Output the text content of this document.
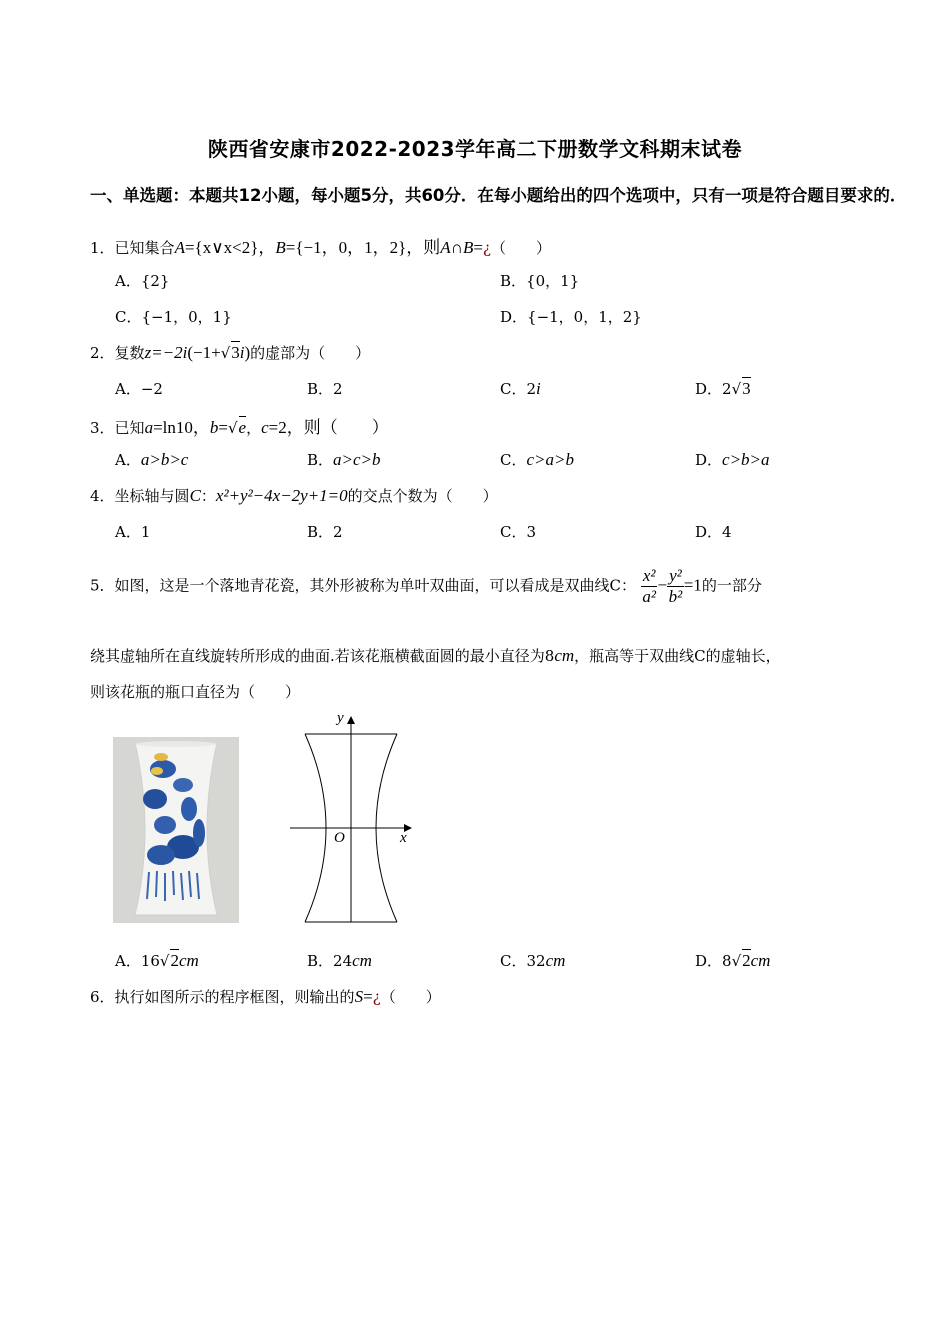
陕西省安康市2022-2023学年高二下册数学文科期末试卷
一、单选题：本题共12小题，每小题5分，共60分．在每小题给出的四个选项中，只有一项是符合题目要求的．
1．已知集合A={x∨x<2}，B={−1，0，1，2}，则A∩B=¿（　　）
A．{2}	B．{0，1}
C．{−1，0，1}	D．{−1，0，1，2}
2．复数z=−2i(−1+√3i)的虚部为（　　）
A．−2	B．2	C．2i	D．2√3
3．已知a=ln10，b=√e，c=2，则（　　）
A．a>b>c	B．a>c>b	C．c>a>b	D．c>b>a
4．坐标轴与圆C：x²+y²−4x−2y+1=0的交点个数为（　　）
A．1	B．2	C．3	D．4
5．如图，这是一个落地青花瓷，其外形被称为单叶双曲面，可以看成是双曲线C： $\frac{\text{x²}}{\text{a²}} - \frac{\text{y²}}{\text{b²}} =1$的一部分
绕其虚轴所在直线旋转所形成的曲面.若该花瓶横截面圆的最小直径为8cm，瓶高等于双曲线C的虚轴长，
则该花瓶的瓶口直径为（　　）
y
x
O
A．16√2cm	B．24cm	C．32cm	D．8√2cm
6．执行如图所示的程序框图，则输出的S=¿（　　）
